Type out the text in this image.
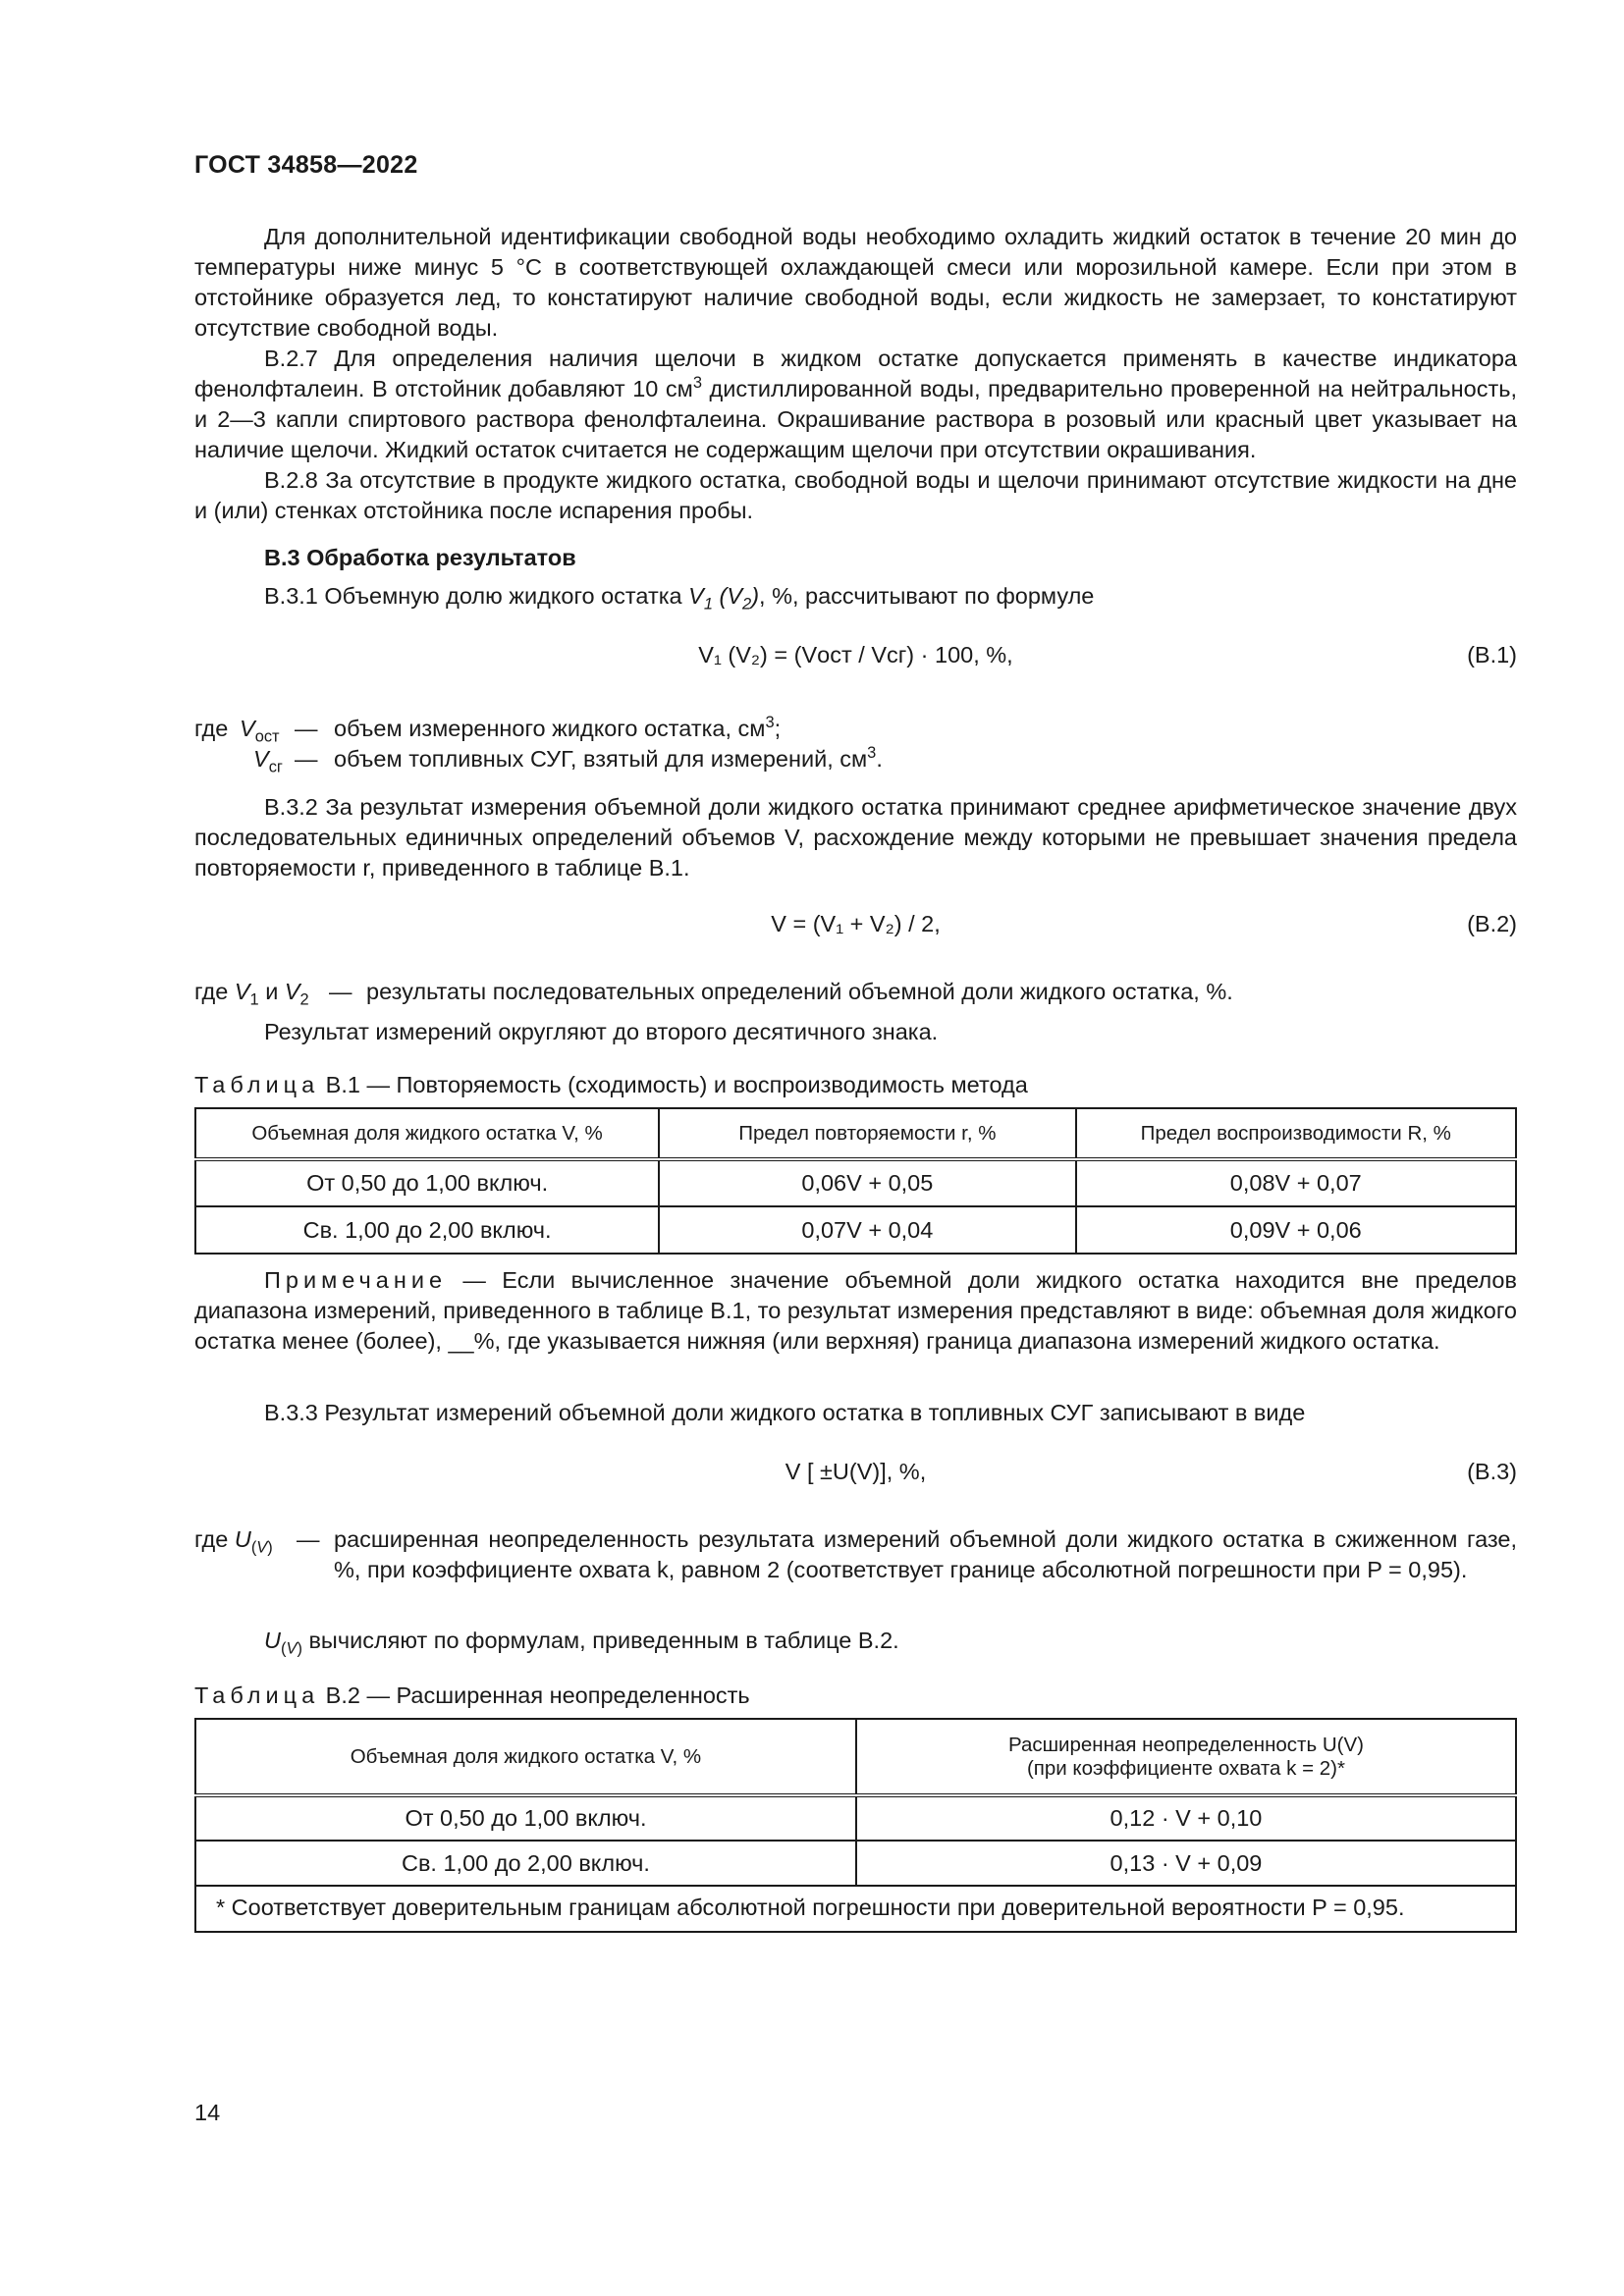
ГОСТ 34858—2022
Для дополнительной идентификации свободной воды необходимо охладить жидкий остаток в течение 20 мин до температуры ниже минус 5 °С в соответствующей охлаждающей смеси или морозильной камере. Если при этом в отстойнике образуется лед, то констатируют наличие свободной воды, если жидкость не замерзает, то констатируют отсутствие свободной воды.
В.2.7 Для определения наличия щелочи в жидком остатке допускается применять в качестве индикатора фенолфталеин. В отстойник добавляют 10 $см^3$ дистиллированной воды, предварительно проверенной на нейтральность, и 2—3 капли спиртового раствора фенолфталеина. Окрашивание раствора в розовый или красный цвет указывает на наличие щелочи. Жидкий остаток считается не содержащим щелочи при отсутствии окрашивания.
В.2.8 За отсутствие в продукте жидкого остатка, свободной воды и щелочи принимают отсутствие жидкости на дне и (или) стенках отстойника после испарения пробы.
В.3 Обработка результатов
В.3.1 Объемную долю жидкого остатка $V_1$ $(V_2)$, %, рассчитывают по формуле
V₁ (V₂) = (Vост / Vсг) · 100, %,	(В.1)
где $V_{ост}$ — объем измеренного жидкого остатка, $см^3$;
$V_{сг}$ — объем топливных СУГ, взятый для измерений, $см^3$.
В.3.2 За результат измерения объемной доли жидкого остатка принимают среднее арифметическое значение двух последовательных единичных определений объемов V, расхождение между которыми не превышает значения предела повторяемости r, приведенного в таблице В.1.
V = (V₁ + V₂) / 2,	(В.2)
где $V_1$ и $V_2$ — результаты последовательных определений объемной доли жидкого остатка, %.
Результат измерений округляют до второго десятичного знака.
Таблица В.1 — Повторяемость (сходимость) и воспроизводимость метода
Объемная доля жидкого остатка V, %	Предел повторяемости r, %	Предел воспроизводимости R, %
От 0,50 до 1,00 включ.	0,06V + 0,05	0,08V + 0,07
Св. 1,00 до 2,00 включ.	0,07V + 0,04	0,09V + 0,06
Примечание — Если вычисленное значение объемной доли жидкого остатка находится вне пределов диапазона измерений, приведенного в таблице В.1, то результат измерения представляют в виде: объемная доля жидкого остатка менее (более), __%, где указывается нижняя (или верхняя) граница диапазона измерений жидкого остатка.
В.3.3 Результат измерений объемной доли жидкого остатка в топливных СУГ записывают в виде
V [ ±U(V)], %,	(В.3)
где $U_{(V)}$ — расширенная неопределенность результата измерений объемной доли жидкого остатка в сжиженном газе, %, при коэффициенте охвата k, равном 2 (соответствует границе абсолютной погрешности при P = 0,95).
$U_{(V)}$ вычисляют по формулам, приведенным в таблице В.2.
Таблица В.2 — Расширенная неопределенность
Объемная доля жидкого остатка V, %	Расширенная неопределенность U(V)
(при коэффициенте охвата k = 2)*

От 0,50 до 1,00 включ.	0,12 · V + 0,10
Св. 1,00 до 2,00 включ.	0,13 · V + 0,09
* Соответствует доверительным границам абсолютной погрешности при доверительной вероятности P = 0,95.	
14
